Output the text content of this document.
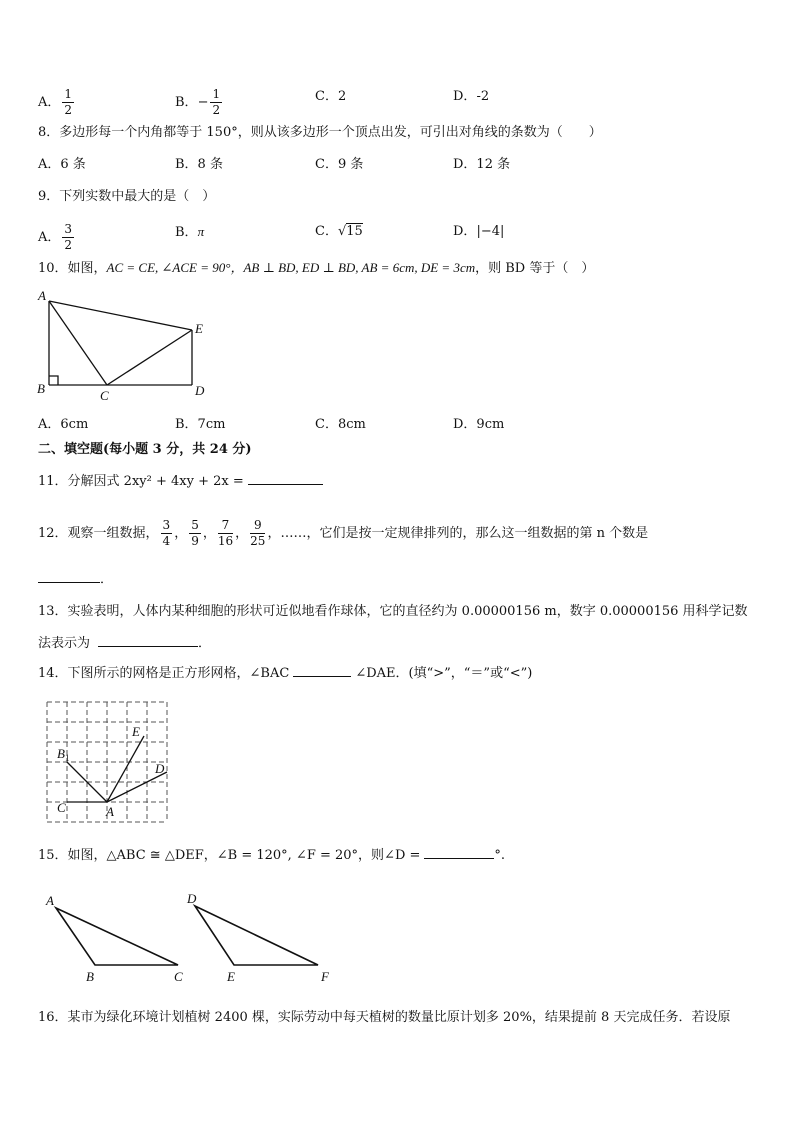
A． $\frac{1}{2}$	B．− $\frac{1}{2}$	C．2	D．-2
8．多边形每一个内角都等于 150°，则从该多边形一个顶点出发，可引出对角线的条数为（　　）
A．6 条	B．8 条	C．9 条	D．12 条
9．下列实数中最大的是（　）
A． $\frac{3}{2}$	B．π	C．√15	D．|−4|
10．如图，AC = CE, ∠ACE = 90°，AB ⊥ BD, ED ⊥ BD, AB = 6cm, DE = 3cm，则 BD 等于（　）
A
B	C	D
E
A．6cm	B．7cm	C．8cm	D．9cm
二、填空题(每小题 3 分，共 24 分)
11．分解因式 2xy² + 4xy + 2x =
12．观察一组数据， $\frac{3}{4}$ ， $\frac{5}{9}$ ， $\frac{7}{16}$ ， $\frac{9}{25}$ ，……，它们是按一定规律排列的，那么这一组数据的第 n 个数是
．
13．实验表明，人体内某种细胞的形状可近似地看作球体，它的直径约为 0.00000156 m，数字 0.00000156 用科学记数
法表示为	．
14．下图所示的网格是正方形网格，∠BAC	∠DAE．(填“>”，“＝”或“<”)
$B_1$
C	A
D
E
15．如图，△ABC ≅ △DEF，∠B = 120°, ∠F = 20°，则∠D =	°.
A
B	C
D
E	F
16．某市为绿化环境计划植树 2400 棵，实际劳动中每天植树的数量比原计划多 20%，结果提前 8 天完成任务．若设原
